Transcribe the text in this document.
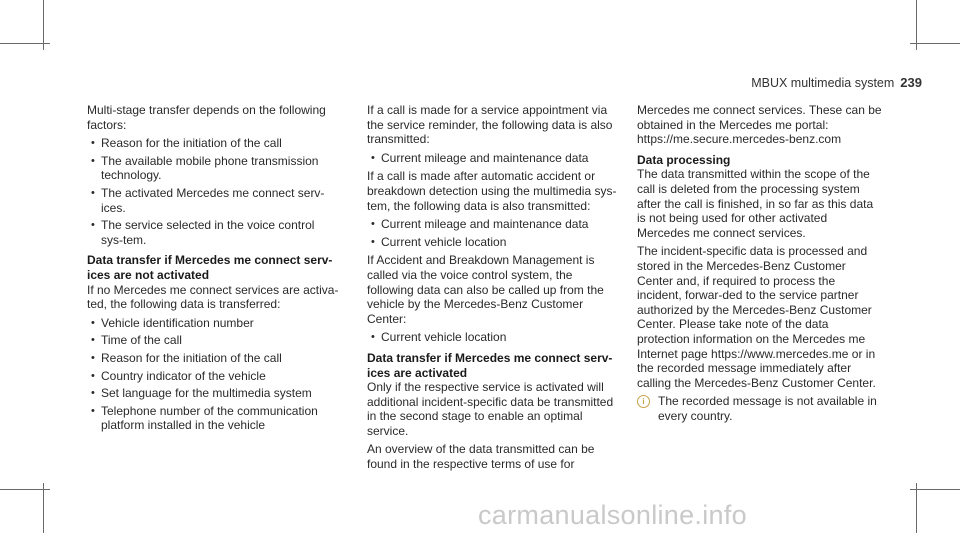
MBUX multimedia system 239

Multi-stage transfer depends on the following factors:

• Reason for the initiation of the call
• The available mobile phone transmission technology.
• The activated Mercedes me connect serv-ices.
• The service selected in the voice control sys-tem.
Data transfer if Mercedes me connect serv-ices are not activated

If no Mercedes me connect services are activa-ted, the following data is transferred:

• Vehicle identification number
• Time of the call
• Reason for the initiation of the call
• Country indicator of the vehicle
• Set language for the multimedia system
• Telephone number of the communication platform installed in the vehicle

If a call is made for a service appointment via the service reminder, the following data is also transmitted:

• Current mileage and maintenance data

If a call is made after automatic accident or breakdown detection using the multimedia sys-tem, the following data is also transmitted:

• Current mileage and maintenance data
• Current vehicle location

If Accident and Breakdown Management is called via the voice control system, the following data can also be called up from the vehicle by the Mercedes-Benz Customer Center:

• Current vehicle location
Data transfer if Mercedes me connect serv-ices are activated

Only if the respective service is activated will additional incident-specific data be transmitted in the second stage to enable an optimal service.

An overview of the data transmitted can be found in the respective terms of use for

Mercedes me connect services. These can be obtained in the Mercedes me portal: https://me.secure.mercedes-benz.com

Data processing

The data transmitted within the scope of the call is deleted from the processing system after the call is finished, in so far as this data is not being used for other activated Mercedes me connect services.

The incident-specific data is processed and stored in the Mercedes-Benz Customer Center and, if required to process the incident, forwar-ded to the service partner authorized by the Mercedes-Benz Customer Center. Please take note of the data protection information on the Mercedes me Internet page https://www.mercedes.me or in the recorded message immediately after calling the Mercedes-Benz Customer Center.

i	The recorded message is not available in every country.
carmanualsonline.info
